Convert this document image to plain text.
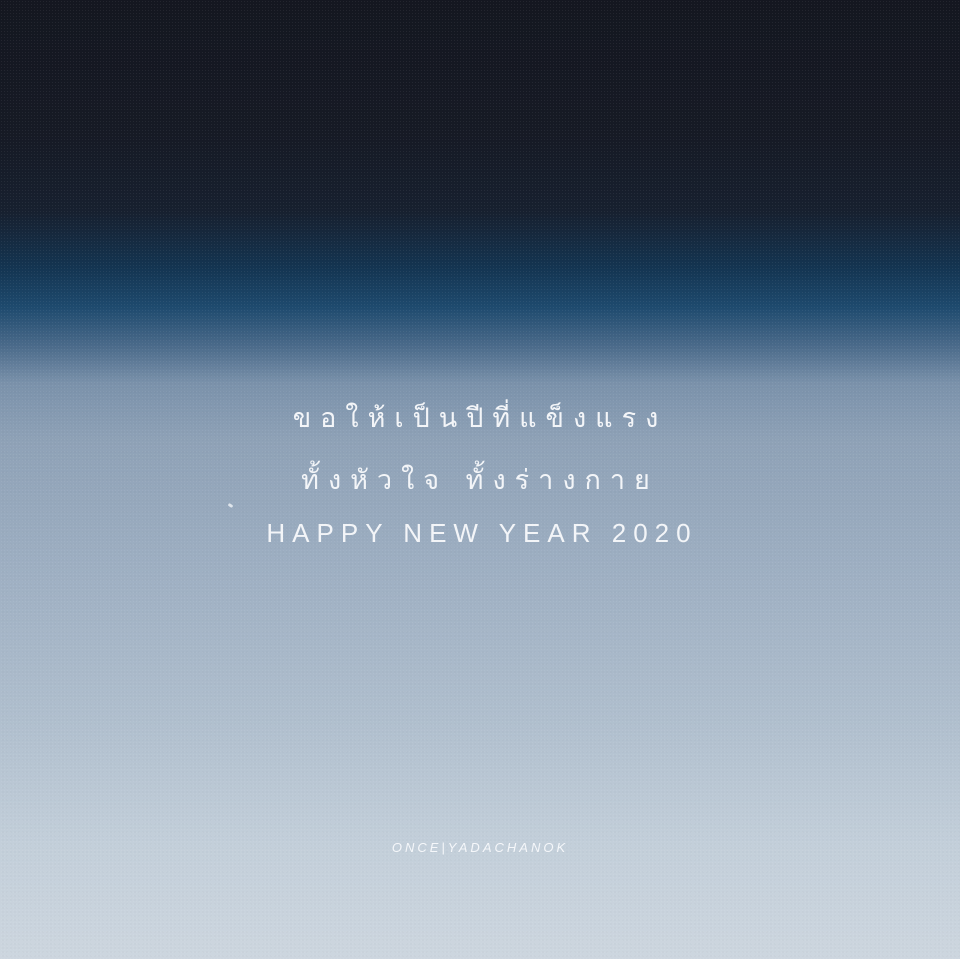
ขอให้เป็นปีที่แข็งแรง
ทั้งหัวใจ ทั้งร่างกาย
HAPPY NEW YEAR 2020
ONCE|YADACHANOK
